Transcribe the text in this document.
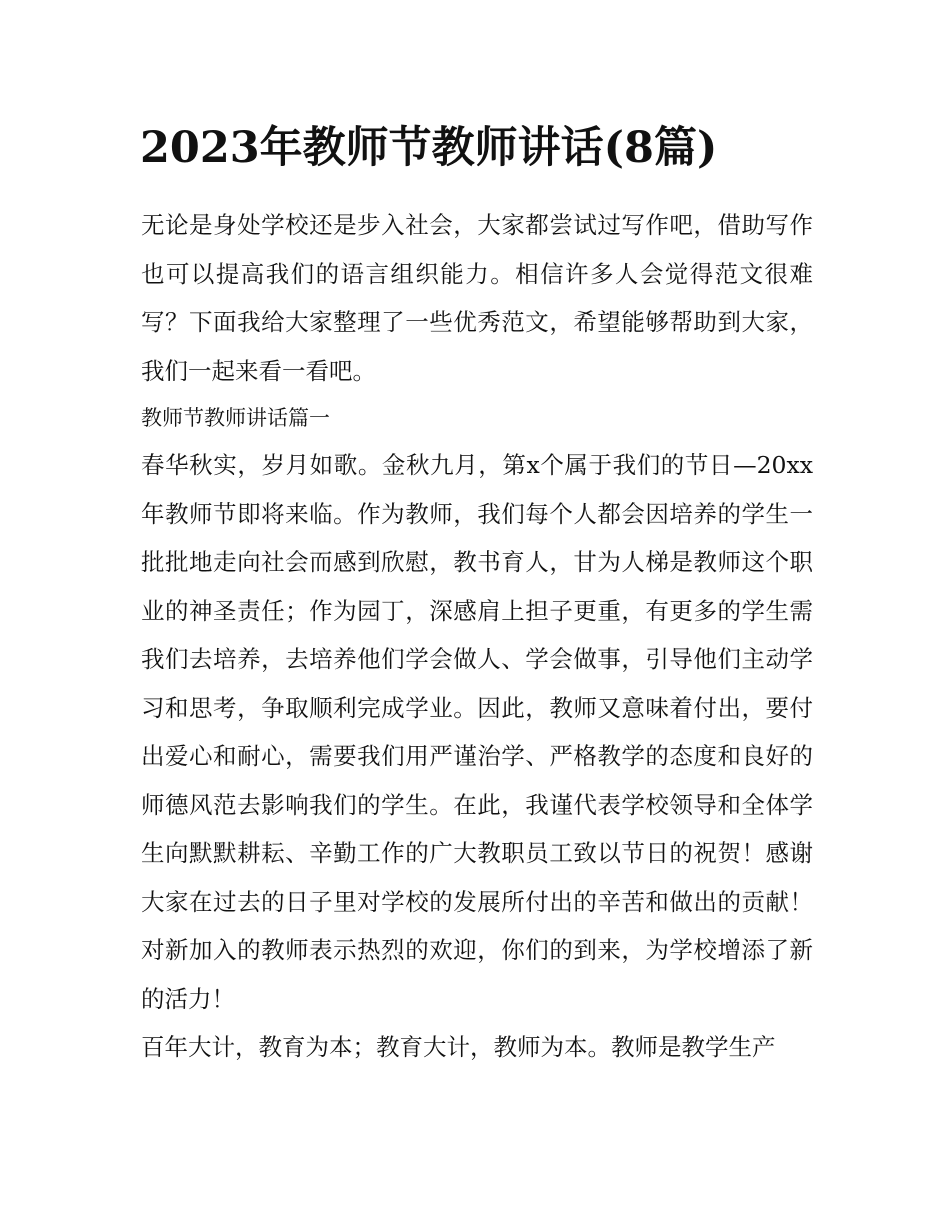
2023年教师节教师讲话(8篇)

无论是身处学校还是步入社会，大家都尝试过写作吧，借助写作也可以提高我们的语言组织能力。相信许多人会觉得范文很难写？下面我给大家整理了一些优秀范文，希望能够帮助到大家，我们一起来看一看吧。

教师节教师讲话篇一

春华秋实，岁月如歌。金秋九月，第x个属于我们的节日—20xx年教师节即将来临。作为教师，我们每个人都会因培养的学生一批批地走向社会而感到欣慰，教书育人，甘为人梯是教师这个职业的神圣责任；作为园丁，深感肩上担子更重，有更多的学生需我们去培养，去培养他们学会做人、学会做事，引导他们主动学习和思考，争取顺利完成学业。因此，教师又意味着付出，要付出爱心和耐心，需要我们用严谨治学、严格教学的态度和良好的师德风范去影响我们的学生。在此，我谨代表学校领导和全体学生向默默耕耘、辛勤工作的广大教职员工致以节日的祝贺！感谢大家在过去的日子里对学校的发展所付出的辛苦和做出的贡献！对新加入的教师表示热烈的欢迎，你们的到来，为学校增添了新的活力！

百年大计，教育为本；教育大计，教师为本。教师是教学生产
